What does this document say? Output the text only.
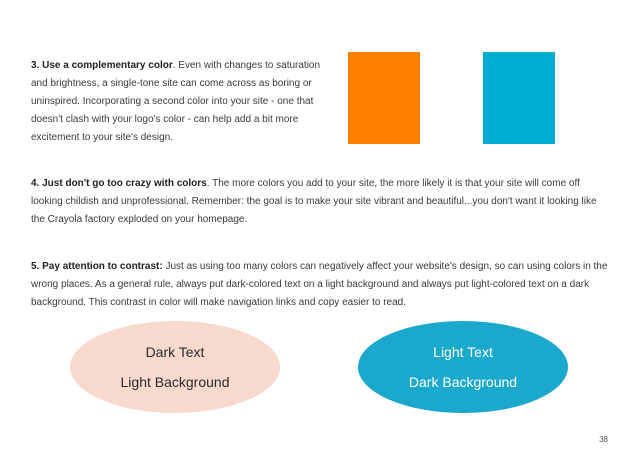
3. Use a complementary color. Even with changes to saturation and brightness, a single-tone site can come across as boring or uninspired. Incorporating a second color into your site - one that doesn't clash with your logo's color - can help add a bit more excitement to your site's design.

4. Just don't go too crazy with colors. The more colors you add to your site, the more likely it is that your site will come off looking childish and unprofessional. Remember: the goal is to make your site vibrant and beautiful...you don't want it looking like the Crayola factory exploded on your homepage.

5. Pay attention to contrast: Just as using too many colors can negatively affect your website's design, so can using colors in the wrong places. As a general rule, always put dark-colored text on a light background and always put light-colored text on a dark background. This contrast in color will make navigation links and copy easier to read.

Dark Text
Light Background
Light Text
Dark Background
38
